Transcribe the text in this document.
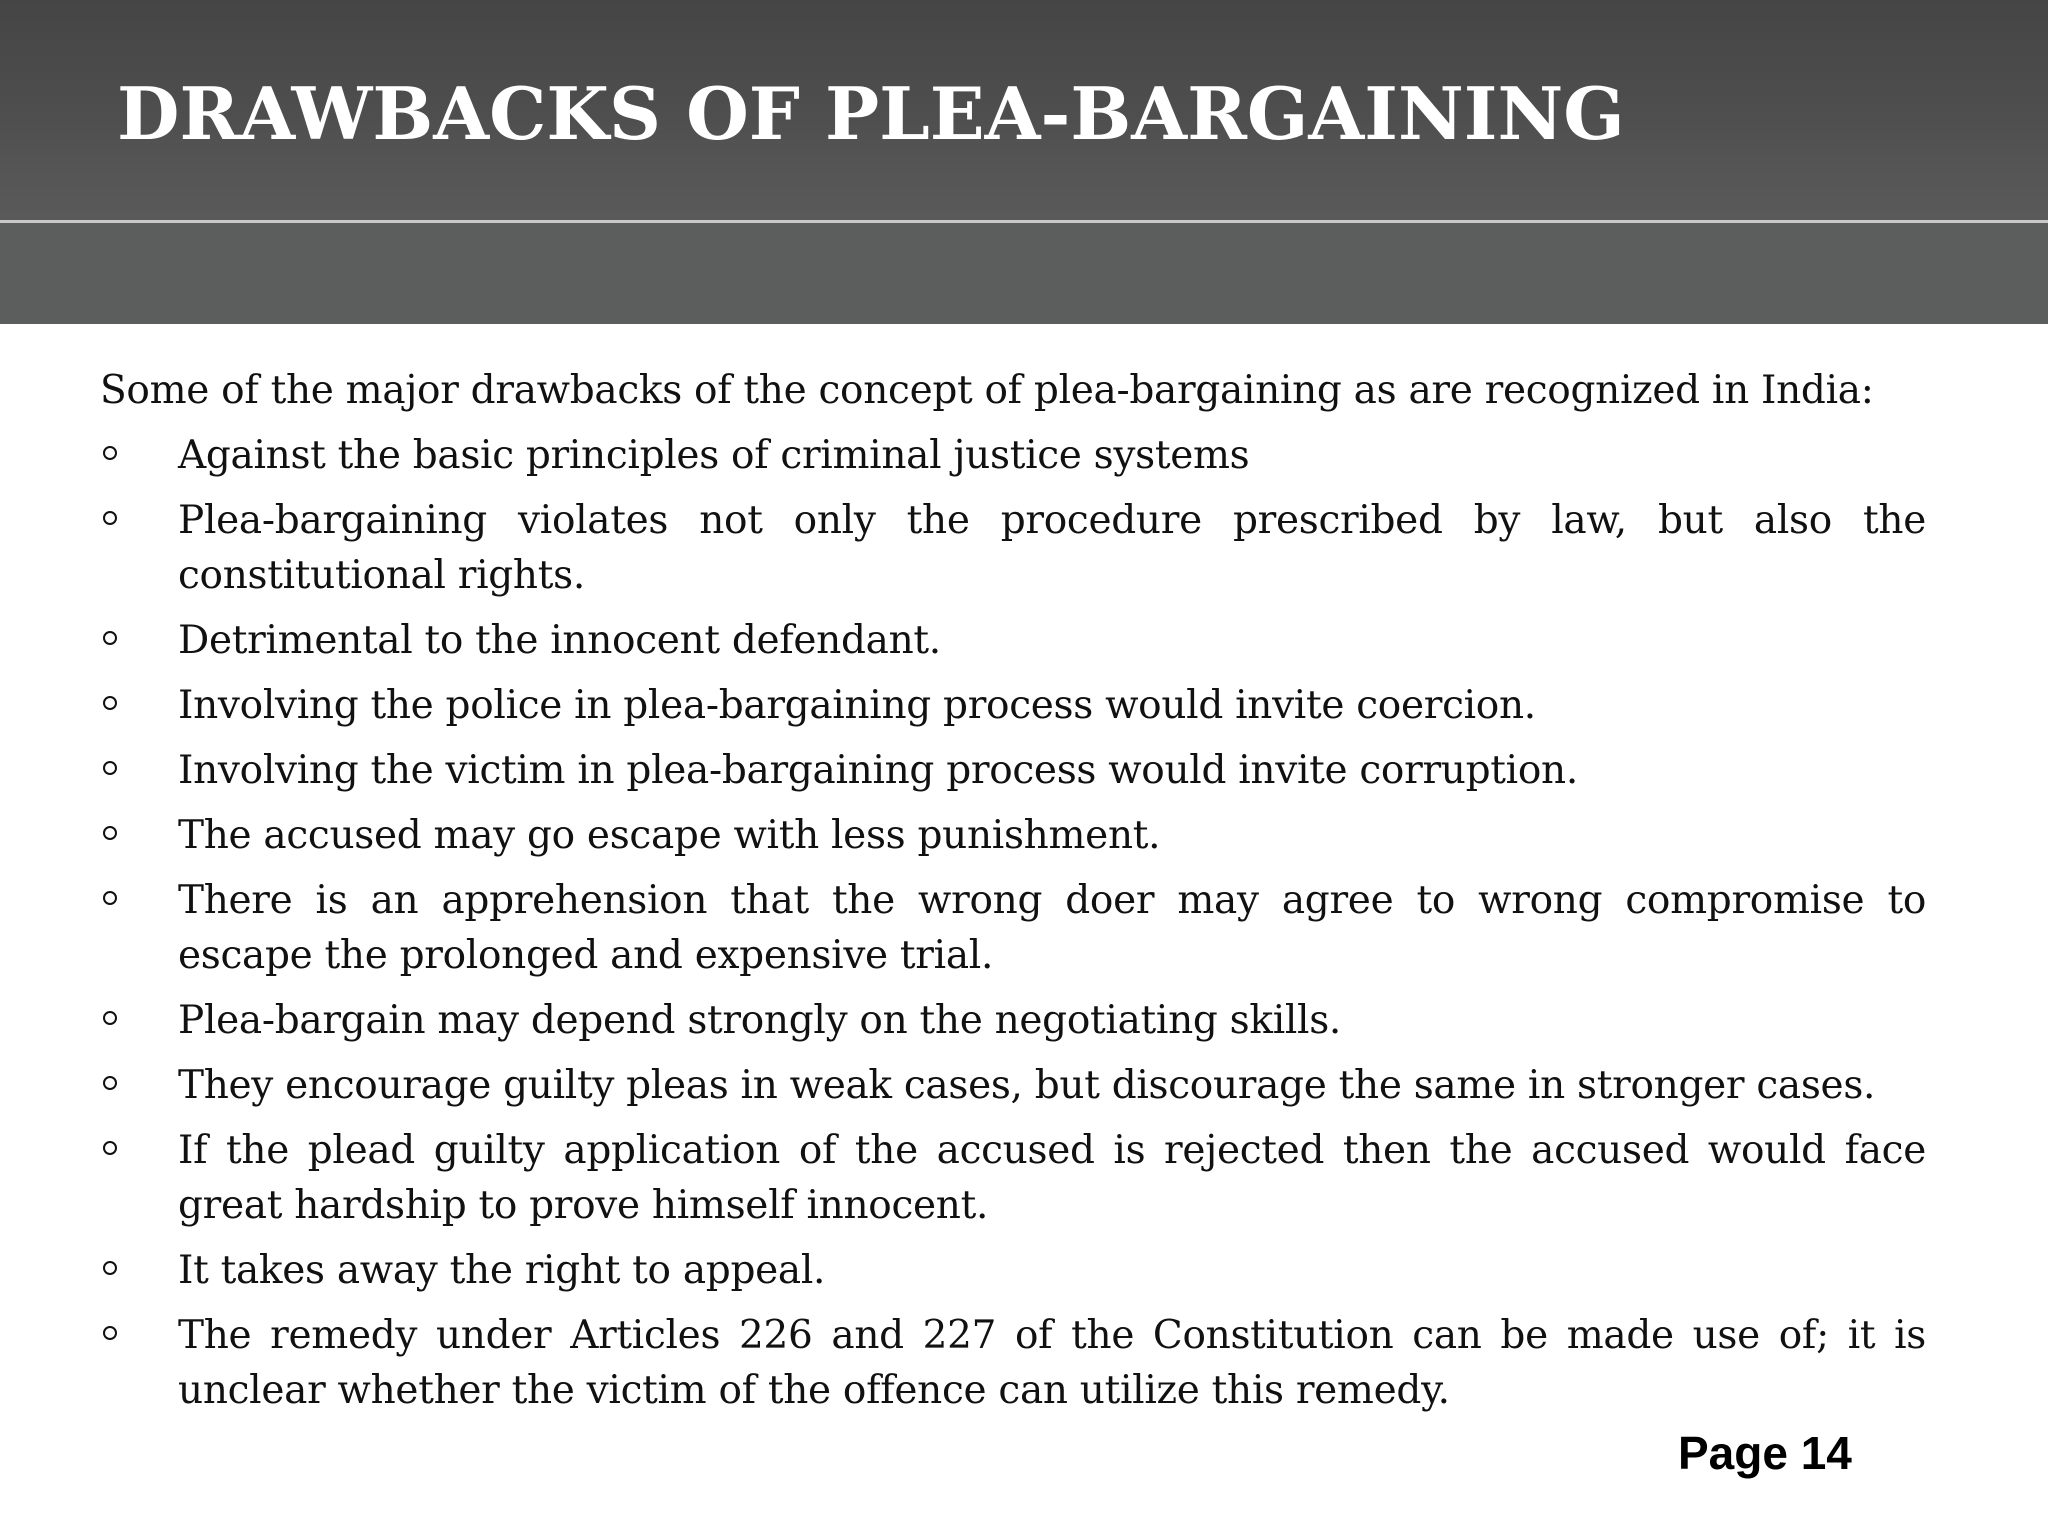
DRAWBACKS OF PLEA-BARGAINING

Some of the major drawbacks of the concept of plea-bargaining as are recognized in India:

Against the basic principles of criminal justice systems
Plea-bargaining violates not only the procedure prescribed by law, but also the constitutional rights.
Detrimental to the innocent defendant.
Involving the police in plea-bargaining process would invite coercion.
Involving the victim in plea-bargaining process would invite corruption.
The accused may go escape with less punishment.
There is an apprehension that the wrong doer may agree to wrong compromise to escape the prolonged and expensive trial.
Plea-bargain may depend strongly on the negotiating skills.
They encourage guilty pleas in weak cases, but discourage the same in stronger cases.
If the plead guilty application of the accused is rejected then the accused would face great hardship to prove himself innocent.
It takes away the right to appeal.
The remedy under Articles 226 and 227 of the Constitution can be made use of; it is unclear whether the victim of the offence can utilize this remedy.
Page 14
